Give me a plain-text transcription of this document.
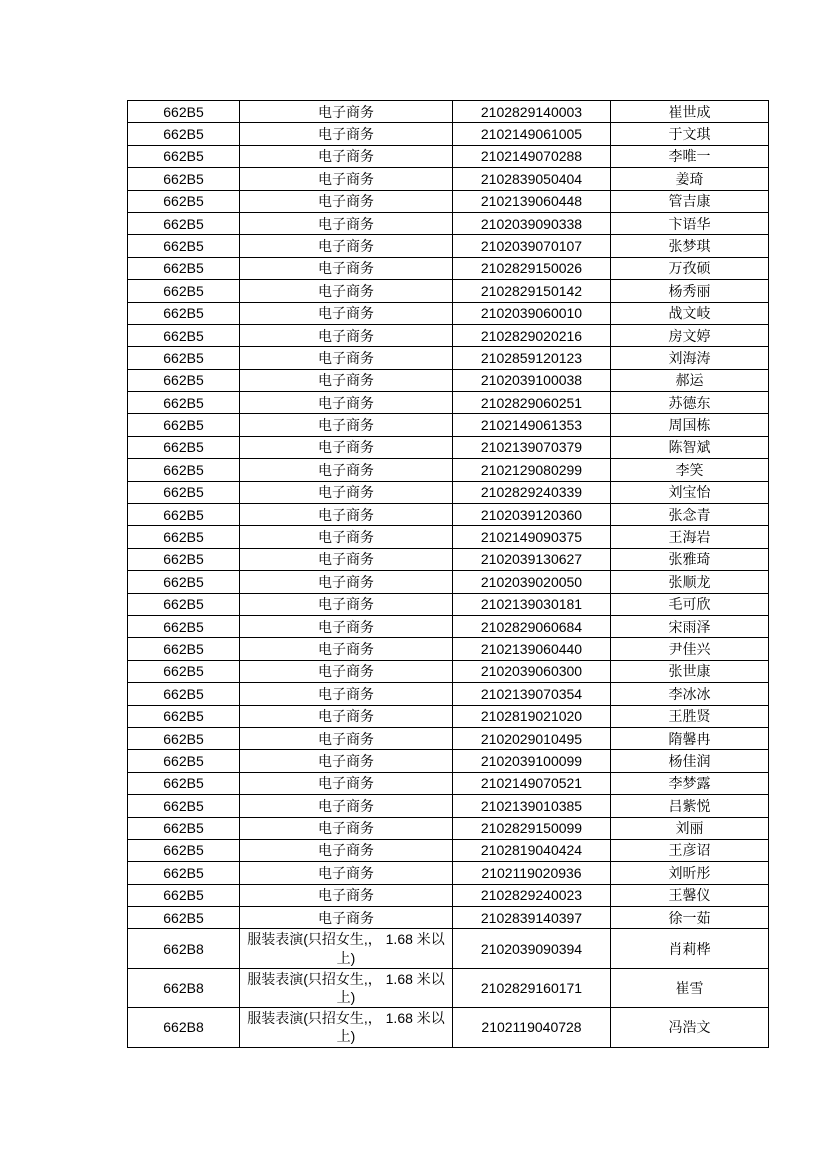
662B5	电子商务	2102829140003	崔世成
662B5	电子商务	2102149061005	于文琪
662B5	电子商务	2102149070288	李唯一
662B5	电子商务	2102839050404	姜琦
662B5	电子商务	2102139060448	管吉康
662B5	电子商务	2102039090338	卞语华
662B5	电子商务	2102039070107	张梦琪
662B5	电子商务	2102829150026	万孜硕
662B5	电子商务	2102829150142	杨秀丽
662B5	电子商务	2102039060010	战文岐
662B5	电子商务	2102829020216	房文婷
662B5	电子商务	2102859120123	刘海涛
662B5	电子商务	2102039100038	郝运
662B5	电子商务	2102829060251	苏德东
662B5	电子商务	2102149061353	周国栋
662B5	电子商务	2102139070379	陈智斌
662B5	电子商务	2102129080299	李笑
662B5	电子商务	2102829240339	刘宝怡
662B5	电子商务	2102039120360	张念青
662B5	电子商务	2102149090375	王海岩
662B5	电子商务	2102039130627	张雅琦
662B5	电子商务	2102039020050	张顺龙
662B5	电子商务	2102139030181	毛可欣
662B5	电子商务	2102829060684	宋雨泽
662B5	电子商务	2102139060440	尹佳兴
662B5	电子商务	2102039060300	张世康
662B5	电子商务	2102139070354	李冰冰
662B5	电子商务	2102819021020	王胜贤
662B5	电子商务	2102029010495	隋馨冉
662B5	电子商务	2102039100099	杨佳润
662B5	电子商务	2102149070521	李梦露
662B5	电子商务	2102139010385	吕紫悦
662B5	电子商务	2102829150099	刘丽
662B5	电子商务	2102819040424	王彦诏
662B5	电子商务	2102119020936	刘昕彤
662B5	电子商务	2102829240023	王馨仪
662B5	电子商务	2102839140397	徐一茹
662B8	服装表演(只招女生,， 1.68 米以上)	2102039090394	肖莉桦
662B8	服装表演(只招女生,， 1.68 米以上)	2102829160171	崔雪
662B8	服装表演(只招女生,， 1.68 米以上)	2102119040728	冯浩文
